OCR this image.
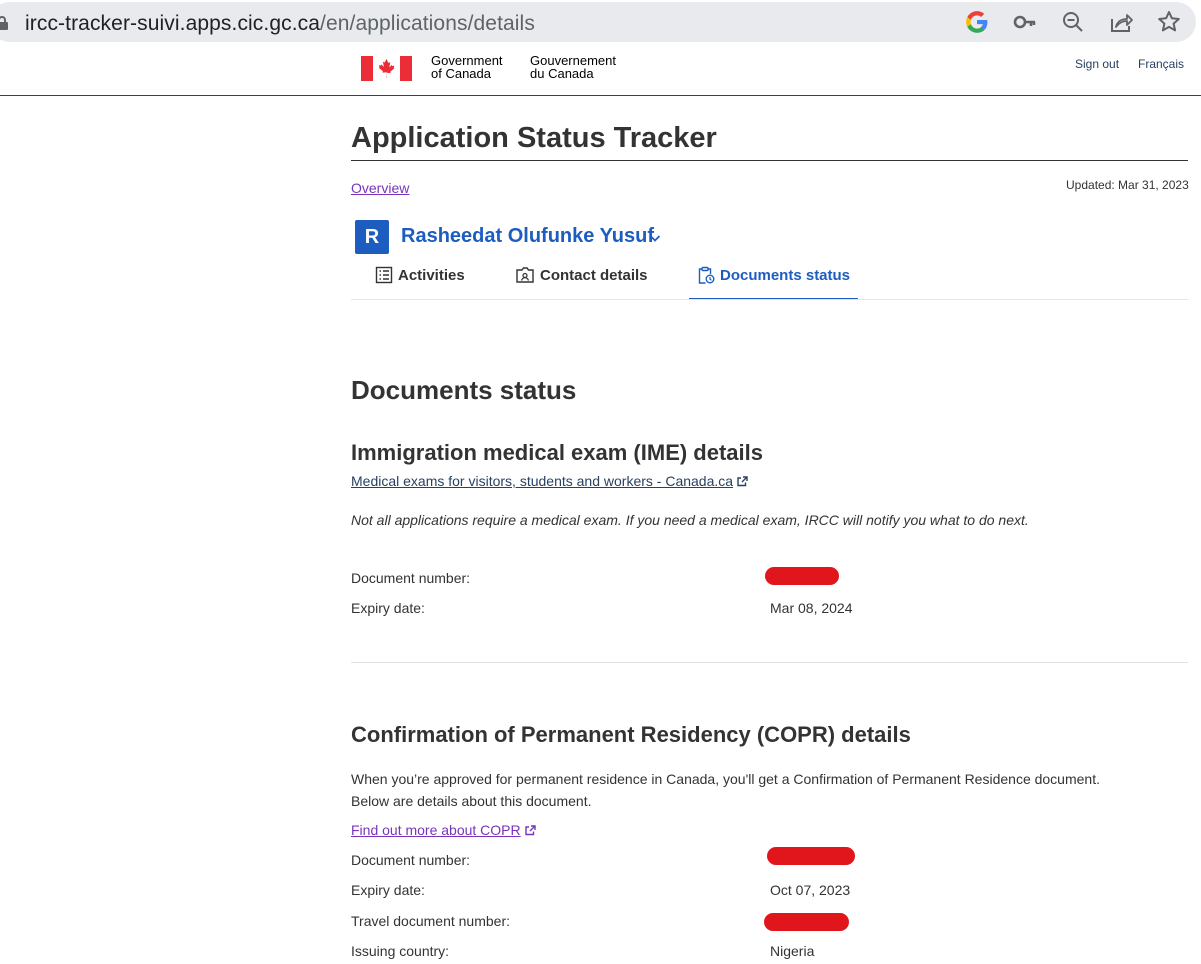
ircc-tracker-suivi.apps.cic.gc.ca/en/applications/details
Government
of Canada
Gouvernement
du Canada
Sign out Français
Application Status Tracker
Overview	Updated: Mar 31, 2023
R	Rasheedat Olufunke Yusuf
Activities	Contact details	Documents status
Documents status
Immigration medical exam (IME) details
Medical exams for visitors, students and workers - Canada.ca
Not all applications require a medical exam. If you need a medical exam, IRCC will notify you what to do next.
Document number:
Expiry date:	Mar 08, 2024
Confirmation of Permanent Residency (COPR) details
When you’re approved for permanent residence in Canada, you'll get a Confirmation of Permanent Residence document.
Below are details about this document.
Find out more about COPR
Document number:
Expiry date:	Oct 07, 2023
Travel document number:
Issuing country:	Nigeria
